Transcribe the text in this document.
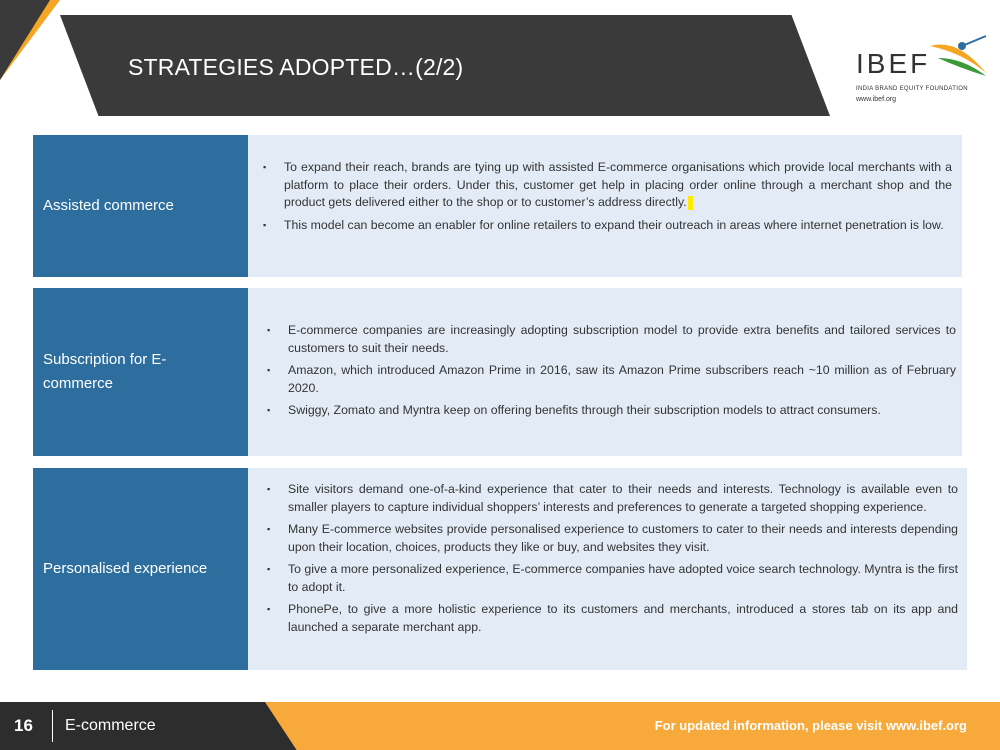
STRATEGIES ADOPTED…(2/2)	IBEF
INDIA BRAND EQUITY FOUNDATION
www.ibef.org
Assisted commerce
▪ To expand their reach, brands are tying up with assisted E-commerce organisations which provide local merchants with a platform to place their orders. Under this, customer get help in placing order online through a merchant shop and the product gets delivered either to the shop or to customer’s address directly.
▪ This model can become an enabler for online retailers to expand their outreach in areas where internet penetration is low.
Subscription for E-commerce
▪ E-commerce companies are increasingly adopting subscription model to provide extra benefits and tailored services to customers to suit their needs.
▪ Amazon, which introduced Amazon Prime in 2016, saw its Amazon Prime subscribers reach ~10 million as of February 2020.
▪ Swiggy, Zomato and Myntra keep on offering benefits through their subscription models to attract consumers.
Personalised experience
▪ Site visitors demand one-of-a-kind experience that cater to their needs and interests. Technology is available even to smaller players to capture individual shoppers’ interests and preferences to generate a targeted shopping experience.
▪ Many E-commerce websites provide personalised experience to customers to cater to their needs and interests depending upon their location, choices, products they like or buy, and websites they visit.
▪ To give a more personalized experience, E-commerce companies have adopted voice search technology. Myntra is the first to adopt it.
▪ PhonePe, to give a more holistic experience to its customers and merchants, introduced a stores tab on its app and launched a separate merchant app.
16 E-commerce	For updated information, please visit www.ibef.org
